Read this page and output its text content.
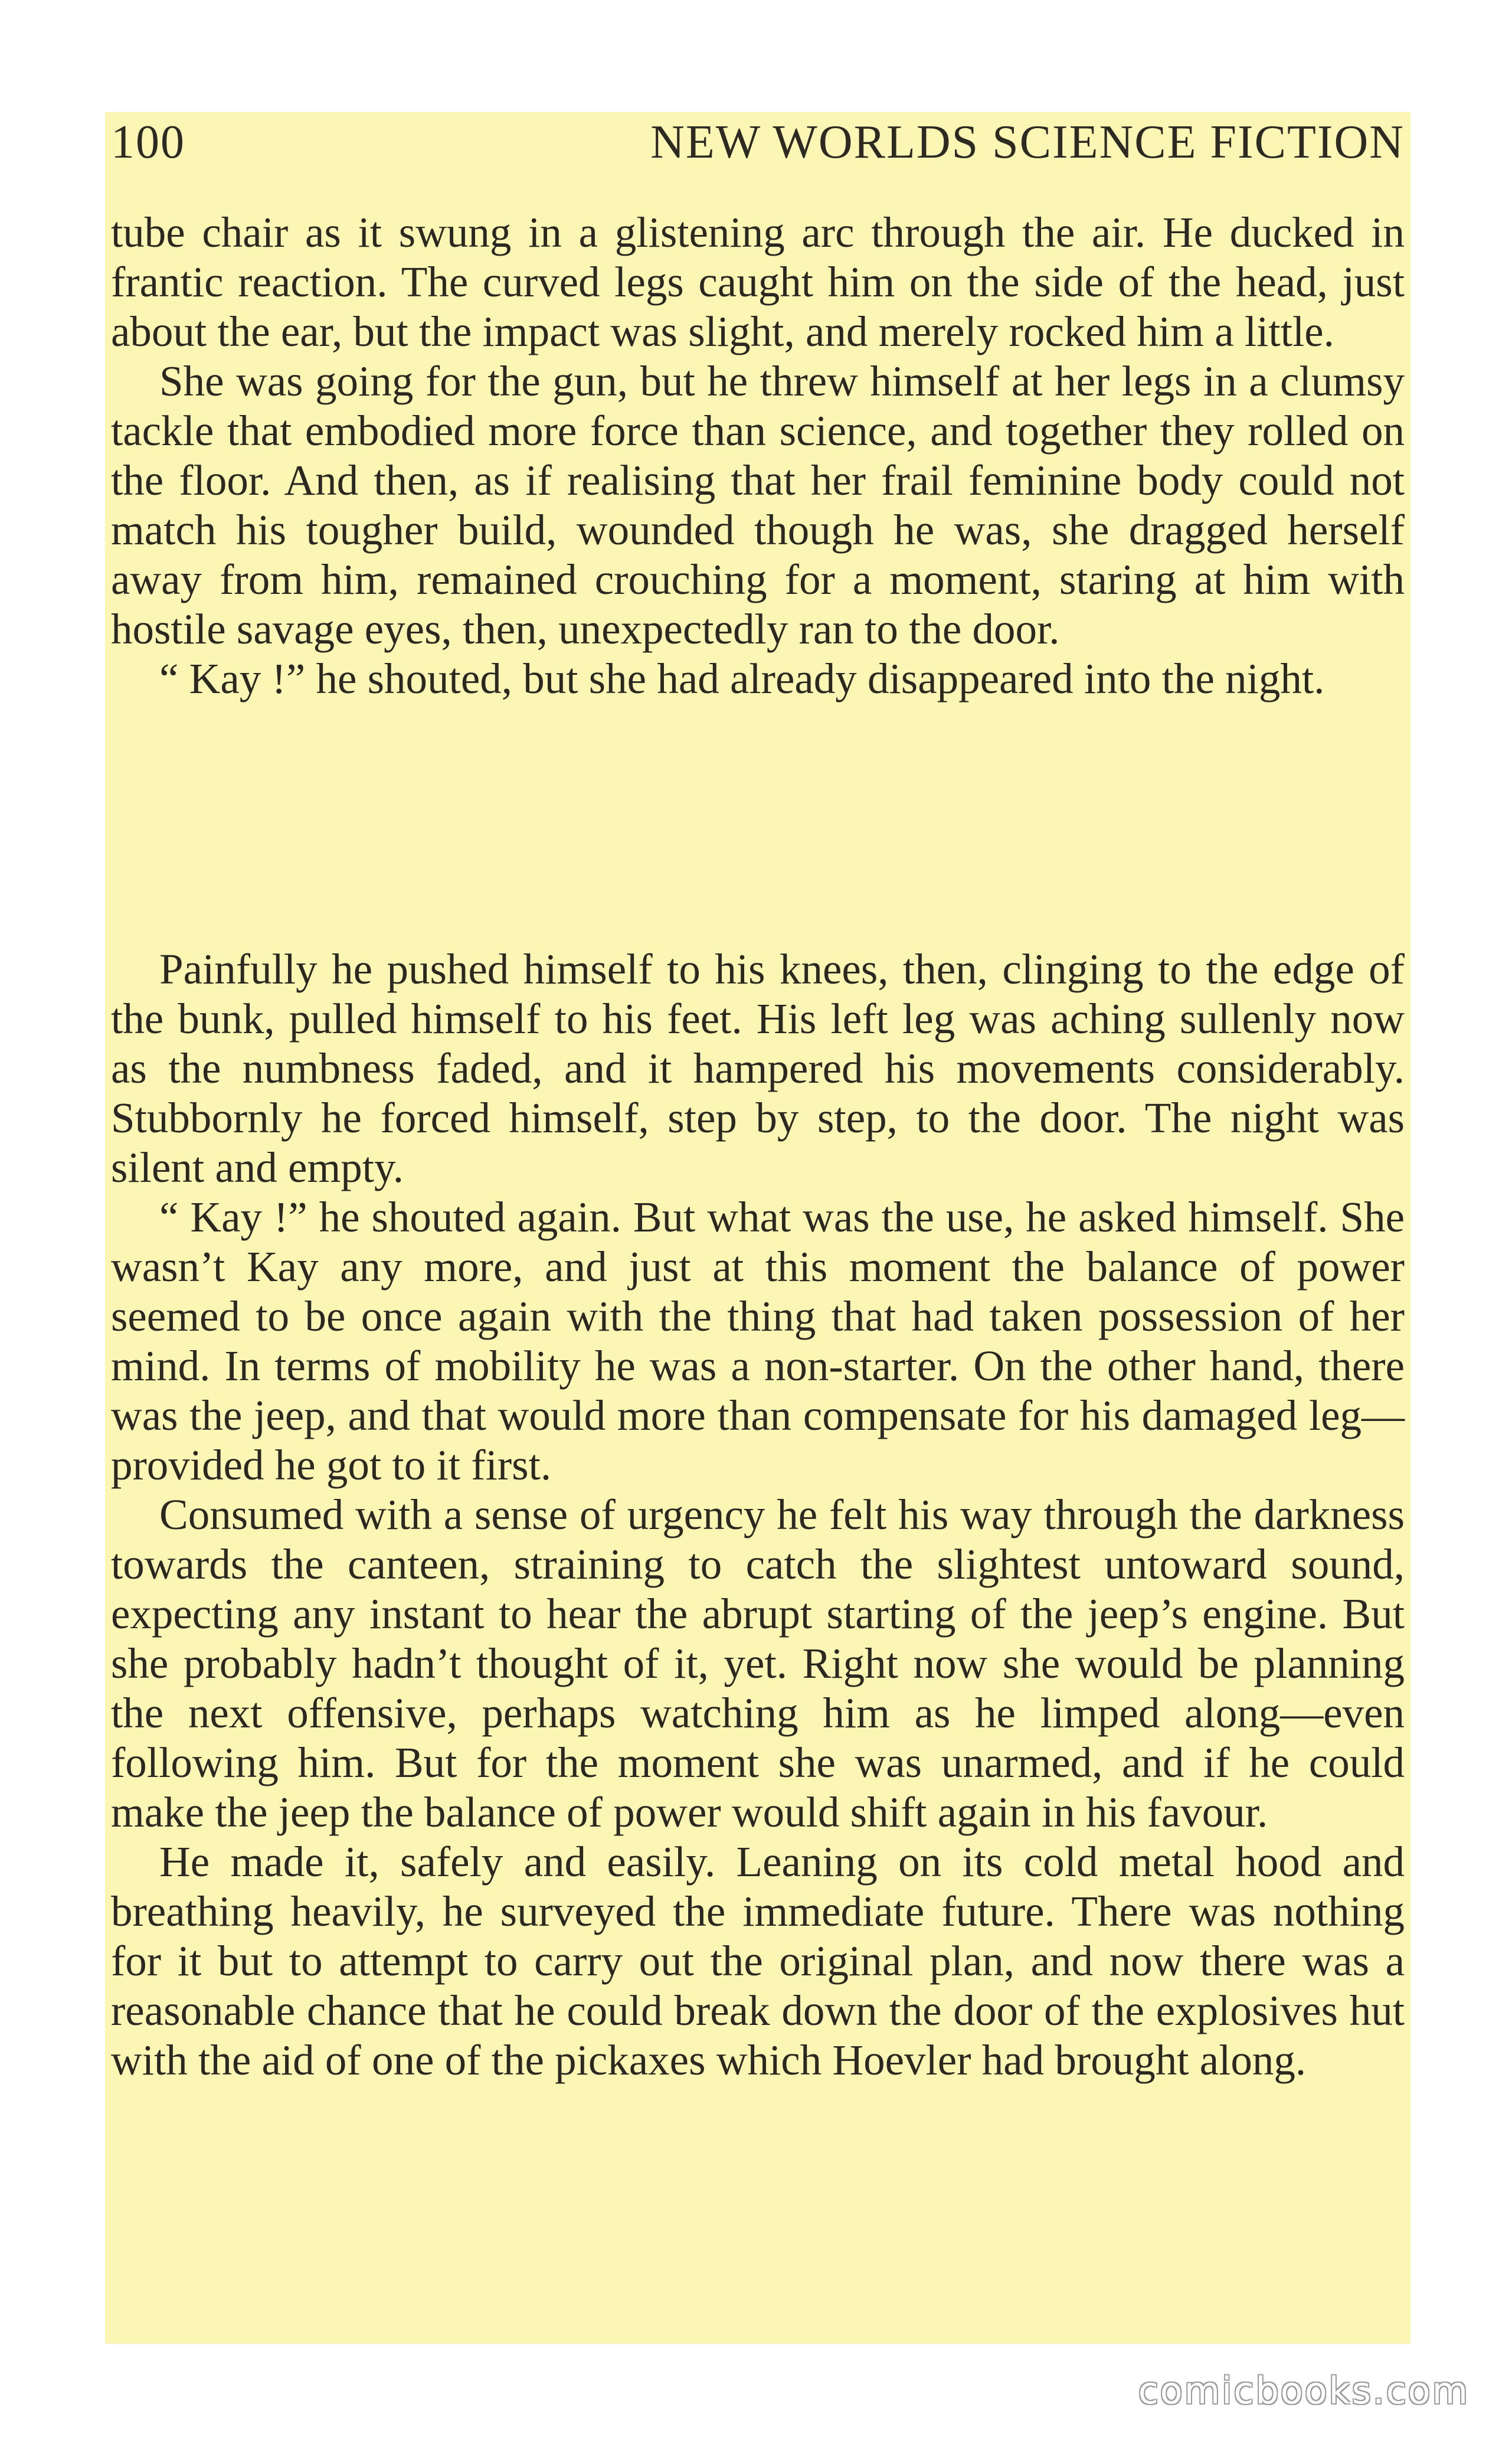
100	NEW WORLDS SCIENCE FICTION

tube chair as it swung in a glistening arc through the air. He ducked in frantic reaction. The curved legs caught him on the side of the head, just about the ear, but the impact was slight, and merely rocked him a little.

She was going for the gun, but he threw himself at her legs in a clumsy tackle that embodied more force than science, and together they rolled on the floor. And then, as if realising that her frail feminine body could not match his tougher build, wounded though he was, she dragged herself away from him, remained crouching for a moment, staring at him with hostile savage eyes, then, unexpectedly ran to the door.

“ Kay !” he shouted, but she had already disappeared into the night.

Painfully he pushed himself to his knees, then, clinging to the edge of the bunk, pulled himself to his feet. His left leg was aching sullenly now as the numbness faded, and it hampered his movements considerably. Stubbornly he forced himself, step by step, to the door. The night was silent and empty.

“ Kay !” he shouted again. But what was the use, he asked himself. She wasn’t Kay any more, and just at this moment the balance of power seemed to be once again with the thing that had taken possession of her mind. In terms of mobility he was a non-starter. On the other hand, there was the jeep, and that would more than compensate for his damaged leg—provided he got to it first.

Consumed with a sense of urgency he felt his way through the darkness towards the canteen, straining to catch the slightest untoward sound, expecting any instant to hear the abrupt starting of the jeep’s engine. But she probably hadn’t thought of it, yet. Right now she would be planning the next offensive, perhaps watching him as he limped along—even following him. But for the moment she was unarmed, and if he could make the jeep the balance of power would shift again in his favour.

He made it, safely and easily. Leaning on its cold metal hood and breathing heavily, he surveyed the immediate future. There was nothing for it but to attempt to carry out the original plan, and now there was a reasonable chance that he could break down the door of the explosives hut with the aid of one of the pickaxes which Hoevler had brought along.

comicbooks.com
